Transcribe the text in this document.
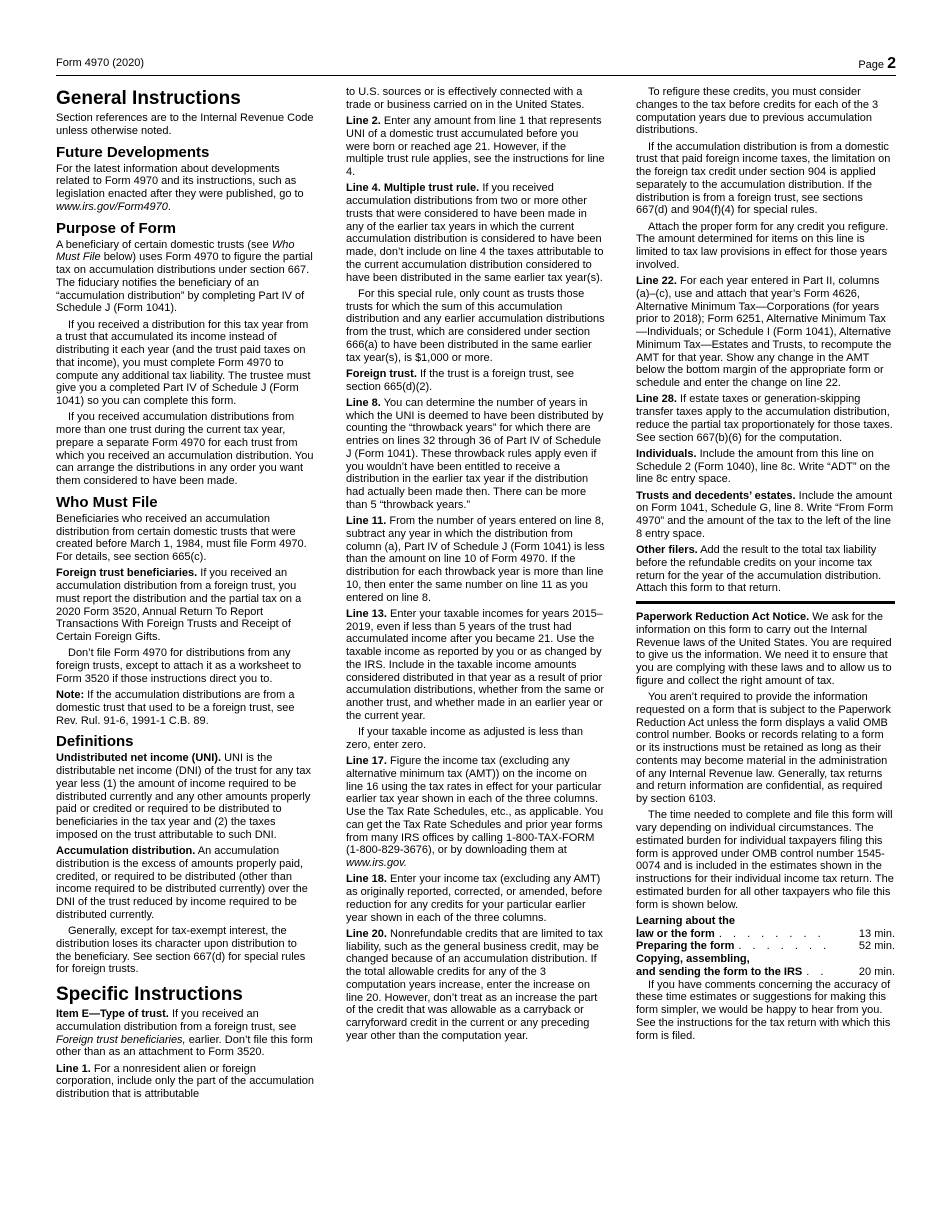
Form 4970 (2020)	Page 2
General Instructions

Section references are to the Internal Revenue Code unless otherwise noted.

Future Developments

For the latest information about developments related to Form 4970 and its instructions, such as legislation enacted after they were published, go to www.irs.gov/Form4970.

Purpose of Form

A beneficiary of certain domestic trusts (see Who Must File below) uses Form 4970 to figure the partial tax on accumulation distributions under section 667. The fiduciary notifies the beneficiary of an “accumulation distribution” by completing Part IV of Schedule J (Form 1041).

If you received a distribution for this tax year from a trust that accumulated its income instead of distributing it each year (and the trust paid taxes on that income), you must complete Form 4970 to compute any additional tax liability. The trustee must give you a completed Part IV of Schedule J (Form 1041) so you can complete this form.

If you received accumulation distributions from more than one trust during the current tax year, prepare a separate Form 4970 for each trust from which you received an accumulation distribution. You can arrange the distributions in any order you want them considered to have been made.

Who Must File

Beneficiaries who received an accumulation distribution from certain domestic trusts that were created before March 1, 1984, must file Form 4970. For details, see section 665(c).

Foreign trust beneficiaries. If you received an accumulation distribution from a foreign trust, you must report the distribution and the partial tax on a 2020 Form 3520, Annual Return To Report Transactions With Foreign Trusts and Receipt of Certain Foreign Gifts.

Don’t file Form 4970 for distributions from any foreign trusts, except to attach it as a worksheet to Form 3520 if those instructions direct you to.

Note: If the accumulation distributions are from a domestic trust that used to be a foreign trust, see Rev. Rul. 91-6, 1991-1 C.B. 89.

Definitions

Undistributed net income (UNI). UNI is the distributable net income (DNI) of the trust for any tax year less (1) the amount of income required to be distributed currently and any other amounts properly paid or credited or required to be distributed to beneficiaries in the tax year and (2) the taxes imposed on the trust attributable to such DNI.

Accumulation distribution. An accumulation distribution is the excess of amounts properly paid, credited, or required to be distributed (other than income required to be distributed currently) over the DNI of the trust reduced by income required to be distributed currently.

Generally, except for tax-exempt interest, the distribution loses its character upon distribution to the beneficiary. See section 667(d) for special rules for foreign trusts.

Specific Instructions

Item E—Type of trust. If you received an accumulation distribution from a foreign trust, see Foreign trust beneficiaries, earlier. Don’t file this form other than as an attachment to Form 3520.

Line 1. For a nonresident alien or foreign corporation, include only the part of the accumulation distribution that is attributable

to U.S. sources or is effectively connected with a trade or business carried on in the United States.

Line 2. Enter any amount from line 1 that represents UNI of a domestic trust accumulated before you were born or reached age 21. However, if the multiple trust rule applies, see the instructions for line 4.

Line 4. Multiple trust rule. If you received accumulation distributions from two or more other trusts that were considered to have been made in any of the earlier tax years in which the current accumulation distribution is considered to have been made, don’t include on line 4 the taxes attributable to the current accumulation distribution considered to have been distributed in the same earlier tax year(s).

For this special rule, only count as trusts those trusts for which the sum of this accumulation distribution and any earlier accumulation distributions from the trust, which are considered under section 666(a) to have been distributed in the same earlier tax year(s), is $1,000 or more.

Foreign trust. If the trust is a foreign trust, see section 665(d)(2).

Line 8. You can determine the number of years in which the UNI is deemed to have been distributed by counting the “throwback years” for which there are entries on lines 32 through 36 of Part IV of Schedule J (Form 1041). These throwback rules apply even if you wouldn’t have been entitled to receive a distribution in the earlier tax year if the distribution had actually been made then. There can be more than 5 “throwback years.”

Line 11. From the number of years entered on line 8, subtract any year in which the distribution from column (a), Part IV of Schedule J (Form 1041) is less than the amount on line 10 of Form 4970. If the distribution for each throwback year is more than line 10, then enter the same number on line 11 as you entered on line 8.

Line 13. Enter your taxable incomes for years 2015–2019, even if less than 5 years of the trust had accumulated income after you became 21. Use the taxable income as reported by you or as changed by the IRS. Include in the taxable income amounts considered distributed in that year as a result of prior accumulation distributions, whether from the same or another trust, and whether made in an earlier year or the current year.

If your taxable income as adjusted is less than zero, enter zero.

Line 17. Figure the income tax (excluding any alternative minimum tax (AMT)) on the income on line 16 using the tax rates in effect for your particular earlier tax year shown in each of the three columns. Use the Tax Rate Schedules, etc., as applicable. You can get the Tax Rate Schedules and prior year forms from many IRS offices by calling 1-800-TAX-FORM (1-800-829-3676), or by downloading them at www.irs.gov.

Line 18. Enter your income tax (excluding any AMT) as originally reported, corrected, or amended, before reduction for any credits for your particular earlier year shown in each of the three columns.

Line 20. Nonrefundable credits that are limited to tax liability, such as the general business credit, may be changed because of an accumulation distribution. If the total allowable credits for any of the 3 computation years increase, enter the increase on line 20. However, don’t treat as an increase the part of the credit that was allowable as a carryback or carryforward credit in the current or any preceding year other than the computation year.

To refigure these credits, you must consider changes to the tax before credits for each of the 3 computation years due to previous accumulation distributions.

If the accumulation distribution is from a domestic trust that paid foreign income taxes, the limitation on the foreign tax credit under section 904 is applied separately to the accumulation distribution. If the distribution is from a foreign trust, see sections 667(d) and 904(f)(4) for special rules.

Attach the proper form for any credit you refigure. The amount determined for items on this line is limited to tax law provisions in effect for those years involved.

Line 22. For each year entered in Part II, columns (a)–(c), use and attach that year’s Form 4626, Alternative Minimum Tax—Corporations (for years prior to 2018); Form 6251, Alternative Minimum Tax—Individuals; or Schedule I (Form 1041), Alternative Minimum Tax—Estates and Trusts, to recompute the AMT for that year. Show any change in the AMT below the bottom margin of the appropriate form or schedule and enter the change on line 22.

Line 28. If estate taxes or generation-skipping transfer taxes apply to the accumulation distribution, reduce the partial tax proportionately for those taxes. See section 667(b)(6) for the computation.

Individuals. Include the amount from this line on Schedule 2 (Form 1040), line 8c. Write “ADT” on the line 8c entry space.

Trusts and decedents’ estates. Include the amount on Form 1041, Schedule G, line 8. Write “From Form 4970” and the amount of the tax to the left of the line 8 entry space.

Other filers. Add the result to the total tax liability before the refundable credits on your income tax return for the year of the accumulation distribution. Attach this form to that return.

Paperwork Reduction Act Notice. We ask for the information on this form to carry out the Internal Revenue laws of the United States. You are required to give us the information. We need it to ensure that you are complying with these laws and to allow us to figure and collect the right amount of tax.

You aren’t required to provide the information requested on a form that is subject to the Paperwork Reduction Act unless the form displays a valid OMB control number. Books or records relating to a form or its instructions must be retained as long as their contents may become material in the administration of any Internal Revenue law. Generally, tax returns and return information are confidential, as required by section 6103.

The time needed to complete and file this form will vary depending on individual circumstances. The estimated burden for individual taxpayers filing this form is approved under OMB control number 1545-0074 and is included in the estimates shown in the instructions for their individual income tax return. The estimated burden for all other taxpayers who file this form is shown below.

Learning about the
law or the form . . . . . . . .	13 min.
Preparing the form . . . . . . .	52 min.
Copying, assembling,
and sending the form to the IRS . .	20 min.

If you have comments concerning the accuracy of these time estimates or suggestions for making this form simpler, we would be happy to hear from you. See the instructions for the tax return with which this form is filed.
